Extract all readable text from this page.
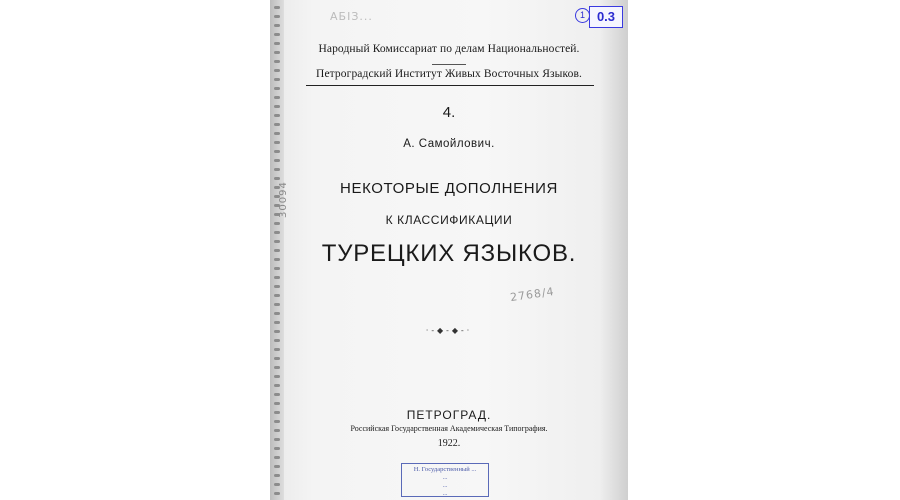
ΑБΙЗ...	1 0.3
Народный Комиссариат по делам Национальностей.
Петроградский Институт Живых Восточных Языков.
4.
А. Самойлович.
НЕКОТОРЫЕ ДОПОЛНЕНИЯ
К КЛАССИФИКАЦИИ
ТУРЕЦКИХ ЯЗЫКОВ.
30094
2768/4
·-◆-◆-·
ПЕТРОГРАД.
Российская Государственная Академическая Типография.
1922.
Н. Государственный ...
...
...
...
